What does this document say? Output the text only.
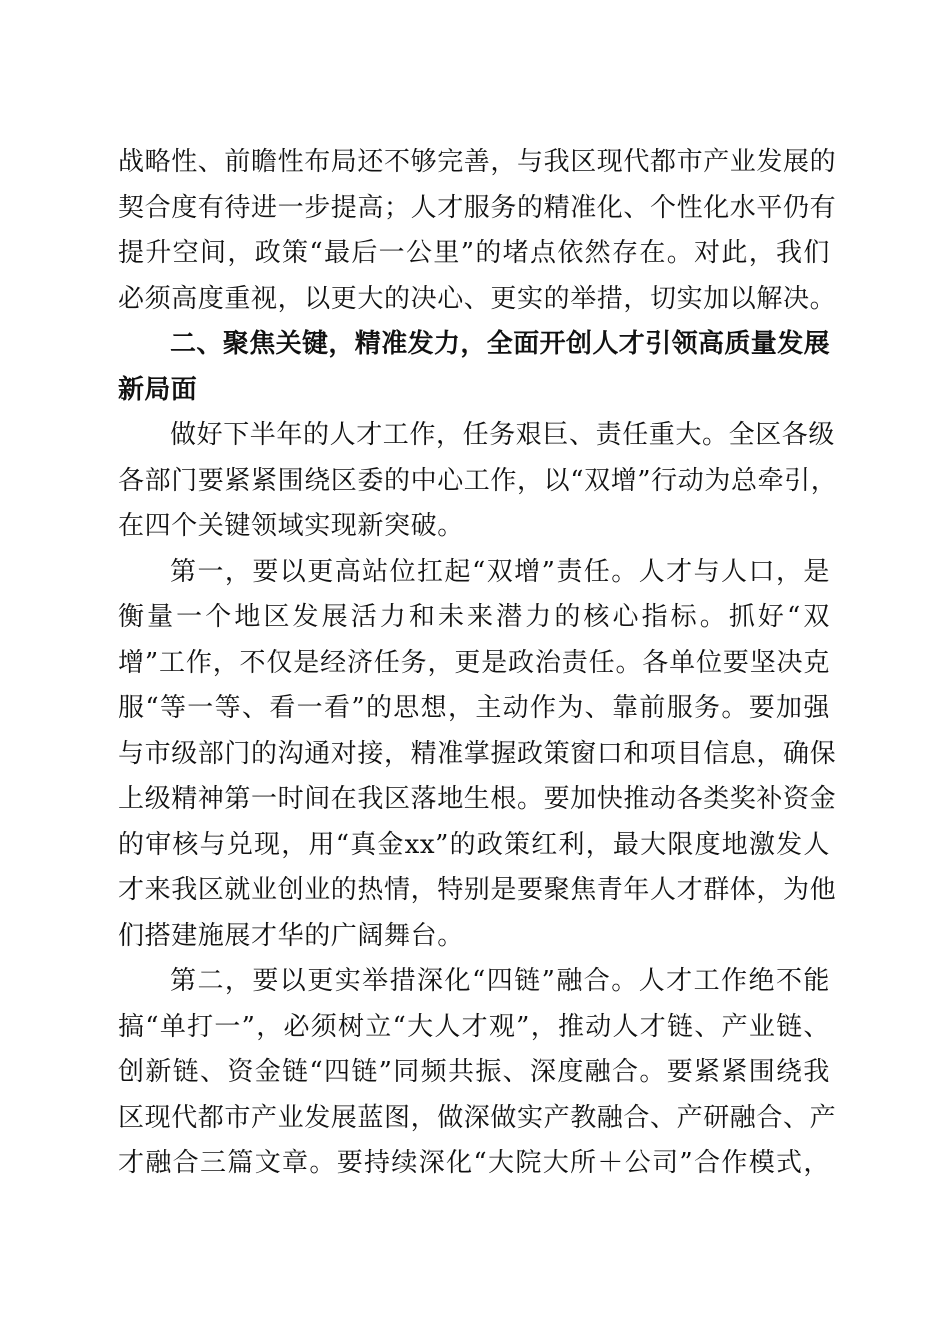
战略性、前瞻性布局还不够完善，与我区现代都市产业发展的
契合度有待进一步提高；人才服务的精准化、个性化水平仍有
提升空间，政策“最后一公里”的堵点依然存在。对此，我们
必须高度重视，以更大的决心、更实的举措，切实加以解决。
二、聚焦关键，精准发力，全面开创人才引领高质量发展
新局面
做好下半年的人才工作，任务艰巨、责任重大。全区各级
各部门要紧紧围绕区委的中心工作，以“双增”行动为总牵引，
在四个关键领域实现新突破。
第一，要以更高站位扛起“双增”责任。人才与人口，是
衡量一个地区发展活力和未来潜力的核心指标。抓好“双
增”工作，不仅是经济任务，更是政治责任。各单位要坚决克
服“等一等、看一看”的思想，主动作为、靠前服务。要加强
与市级部门的沟通对接，精准掌握政策窗口和项目信息，确保
上级精神第一时间在我区落地生根。要加快推动各类奖补资金
的审核与兑现，用“真金xx”的政策红利，最大限度地激发人
才来我区就业创业的热情，特别是要聚焦青年人才群体，为他
们搭建施展才华的广阔舞台。
第二，要以更实举措深化“四链”融合。人才工作绝不能
搞“单打一”，必须树立“大人才观”，推动人才链、产业链、
创新链、资金链“四链”同频共振、深度融合。要紧紧围绕我
区现代都市产业发展蓝图，做深做实产教融合、产研融合、产
才融合三篇文章。要持续深化“大院大所＋公司”合作模式，
